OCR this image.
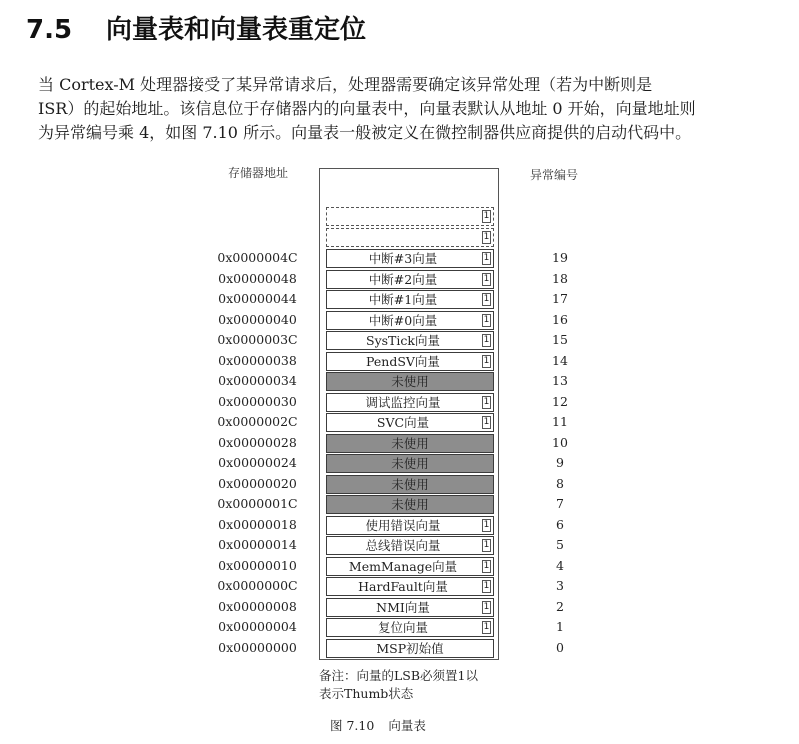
7.5 向量表和向量表重定位
当 Cortex-M 处理器接受了某异常请求后，处理器需要确定该异常处理（若为中断则是
ISR）的起始地址。该信息位于存储器内的向量表中，向量表默认从地址 0 开始，向量地址则
为异常编号乘 4，如图 7.10 所示。向量表一般被定义在微控制器供应商提供的启动代码中。
存储器地址	异常编号
1
1
0x0000004C	中断#3向量	1	19
0x00000048	中断#2向量	1	18
0x00000044	中断#1向量	1	17
0x00000040	中断#0向量	1	16
0x0000003C	SysTick向量	1	15
0x00000038	PendSV向量	1	14
0x00000034	未使用	13
0x00000030	调试监控向量	1	12
0x0000002C	SVC向量	1	11
0x00000028	未使用	10
0x00000024	未使用	9
0x00000020	未使用	8
0x0000001C	未使用	7
0x00000018	使用错误向量	1	6
0x00000014	总线错误向量	1	5
0x00000010	MemManage向量	1	4
0x0000000C	HardFault向量	1	3
0x00000008	NMI向量	1	2
0x00000004	复位向量	1	1
0x00000000	MSP初始值	0
备注：向量的LSB必须置1以
表示Thumb状态
图 7.10 向量表
